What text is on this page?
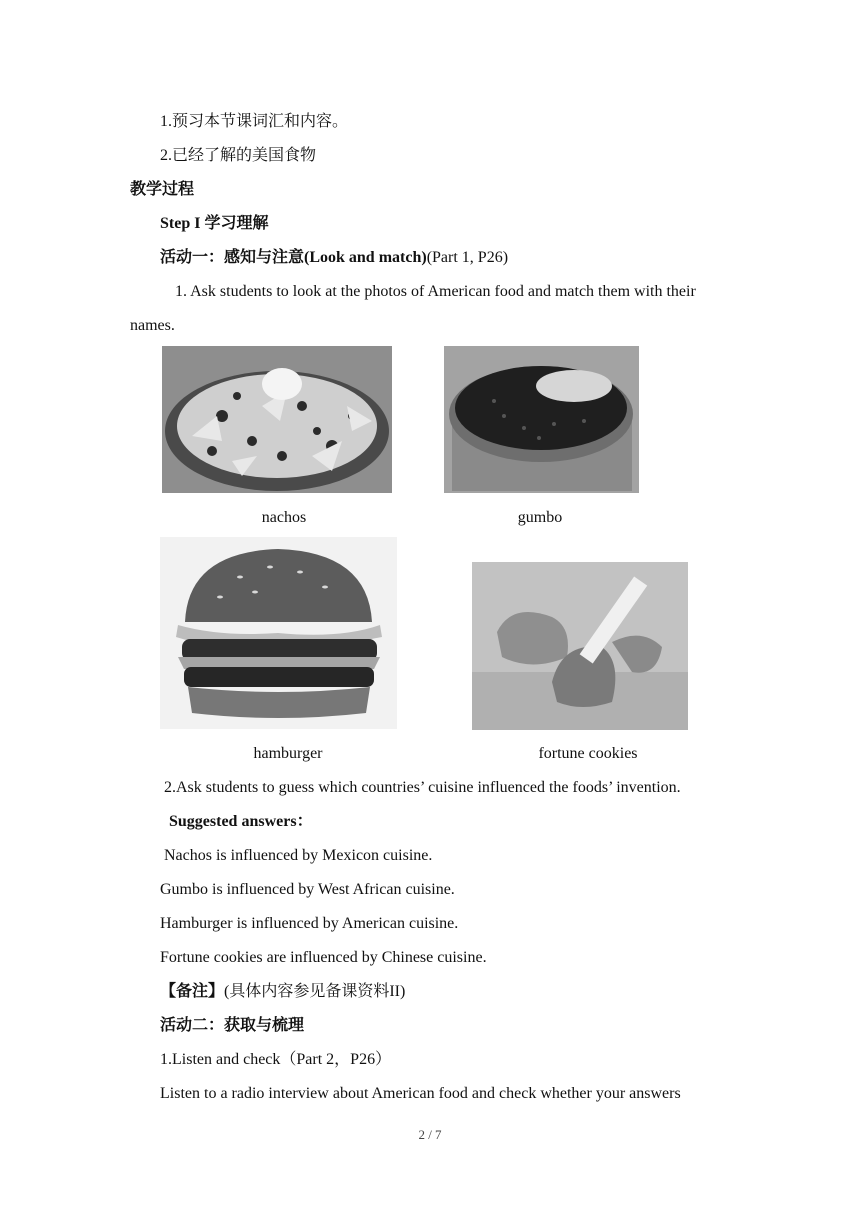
1.预习本节课词汇和内容。
2.已经了解的美国食物
教学过程
Step I 学习理解
活动一：感知与注意(Look and match)(Part 1, P26)
1. Ask students to look at the photos of American food and match them with their
names.
nachos	gumbo
hamburger	fortune cookies
2.Ask students to guess which countries’ cuisine influenced the foods’ invention.
Suggested answers：
Nachos is influenced by Mexicon cuisine.
Gumbo is influenced by West African cuisine.
Hamburger is influenced by American cuisine.
Fortune cookies are influenced by Chinese cuisine.
【备注】(具体内容参见备课资料II)
活动二：获取与梳理
1.Listen and check（Part 2，P26）
Listen to a radio interview about American food and check whether your answers
2 / 7
